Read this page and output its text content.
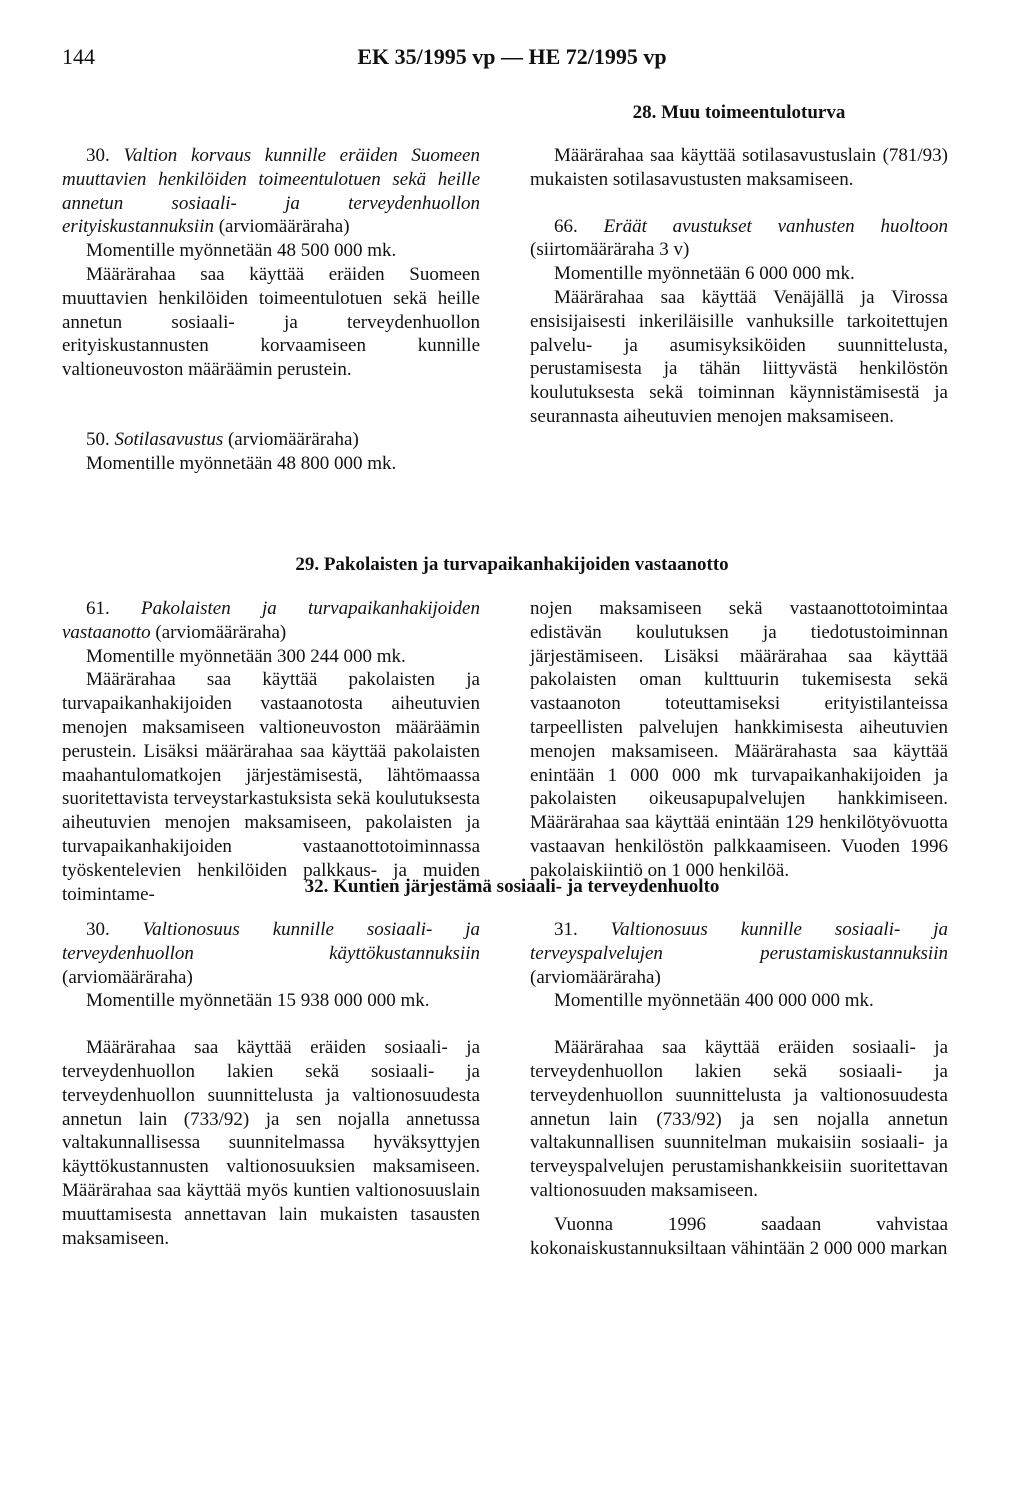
144	EK 35/1995 vp — HE 72/1995 vp
28. Muu toimeentuloturva

30. Valtion korvaus kunnille eräiden Suomeen muuttavien henkilöiden toimeentulotuen sekä heille annetun sosiaali- ja terveydenhuollon erityiskustannuksiin (arviomääräraha)

Momentille myönnetään 48 500 000 mk.

Määrärahaa saa käyttää eräiden Suomeen muuttavien henkilöiden toimeentulotuen sekä heille annetun sosiaali- ja terveydenhuollon erityiskustannusten korvaamiseen kunnille valtioneuvoston määräämin perustein.

50. Sotilasavustus (arviomääräraha)

Momentille myönnetään 48 800 000 mk.

Määrärahaa saa käyttää sotilasavustuslain (781/93) mukaisten sotilasavustusten maksamiseen.

66. Eräät avustukset vanhusten huoltoon (siirtomääräraha 3 v)

Momentille myönnetään 6 000 000 mk.

Määrärahaa saa käyttää Venäjällä ja Virossa ensisijaisesti inkeriläisille vanhuksille tarkoitettujen palvelu- ja asumisyksiköiden suunnittelusta, perustamisesta ja tähän liittyvästä henkilöstön koulutuksesta sekä toiminnan käynnistämisestä ja seurannasta aiheutuvien menojen maksamiseen.

29. Pakolaisten ja turvapaikanhakijoiden vastaanotto

61. Pakolaisten ja turvapaikanhakijoiden vastaanotto (arviomääräraha)

Momentille myönnetään 300 244 000 mk.

Määrärahaa saa käyttää pakolaisten ja turvapaikanhakijoiden vastaanotosta aiheutuvien menojen maksamiseen valtioneuvoston määräämin perustein. Lisäksi määrärahaa saa käyttää pakolaisten maahantulomatkojen järjestämisestä, lähtömaassa suoritettavista terveystarkastuksista sekä koulutuksesta aiheutuvien menojen maksamiseen, pakolaisten ja turvapaikanhakijoiden vastaanottotoiminnassa työskentelevien henkilöiden palkkaus- ja muiden toimintame-

nojen maksamiseen sekä vastaanottotoimintaa edistävän koulutuksen ja tiedotustoiminnan järjestämiseen. Lisäksi määrärahaa saa käyttää pakolaisten oman kulttuurin tukemisesta sekä vastaanoton toteuttamiseksi erityistilanteissa tarpeellisten palvelujen hankkimisesta aiheutuvien menojen maksamiseen. Määrärahasta saa käyttää enintään 1 000 000 mk turvapaikanhakijoiden ja pakolaisten oikeusapupalvelujen hankkimiseen. Määrärahaa saa käyttää enintään 129 henkilötyövuotta vastaavan henkilöstön palkkaamiseen. Vuoden 1996 pakolaiskiintiö on 1 000 henkilöä.

32. Kuntien järjestämä sosiaali- ja terveydenhuolto

30. Valtionosuus kunnille sosiaali- ja terveydenhuollon käyttökustannuksiin (arviomääräraha)

Momentille myönnetään 15 938 000 000 mk.

Määrärahaa saa käyttää eräiden sosiaali- ja terveydenhuollon lakien sekä sosiaali- ja terveydenhuollon suunnittelusta ja valtionosuudesta annetun lain (733/92) ja sen nojalla annetussa valtakunnallisessa suunnitelmassa hyväksyttyjen käyttökustannusten valtionosuuksien maksamiseen. Määrärahaa saa käyttää myös kuntien valtionosuuslain muuttamisesta annettavan lain mukaisten tasausten maksamiseen.

31. Valtionosuus kunnille sosiaali- ja terveyspalvelujen perustamiskustannuksiin (arviomääräraha)

Momentille myönnetään 400 000 000 mk.

Määrärahaa saa käyttää eräiden sosiaali- ja terveydenhuollon lakien sekä sosiaali- ja terveydenhuollon suunnittelusta ja valtionosuudesta annetun lain (733/92) ja sen nojalla annetun valtakunnallisen suunnitelman mukaisiin sosiaali- ja terveyspalvelujen perustamishankkeisiin suoritettavan valtionosuuden maksamiseen.

Vuonna 1996 saadaan vahvistaa kokonaiskustannuksiltaan vähintään 2 000 000 markan
